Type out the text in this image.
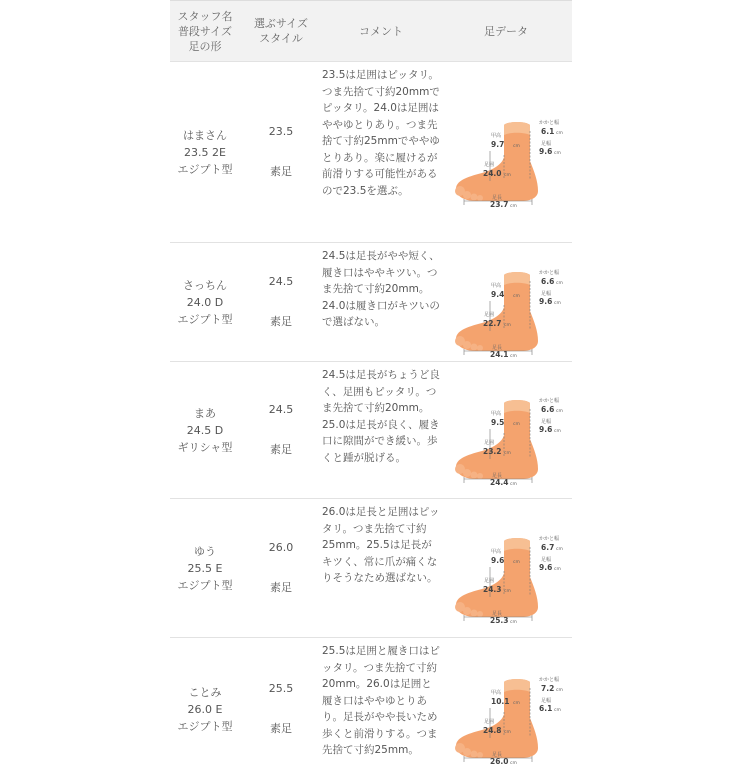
スタッフ名
普段サイズ
足の形
選ぶサイズ
スタイル
コメント	足データ
はまさん
23.5 2E
エジプト型
23.5
素足

23.5は足囲はピッタリ。つま先捨て寸約20mmでピッタリ。24.0は足囲はややゆとりあり。つま先捨て寸約25mmでややゆとりあり。楽に履けるが前滑りする可能性があるので23.5を選ぶ。

甲高
9.7 cm
足囲
24.0 cm
かかと幅
6.1 cm
足幅
9.6 cm
足長
23.7 cm
さっちん
24.0 D
エジプト型
24.5
素足

24.5は足長がやや短く、履き口はややキツい。つま先捨て寸約20mm。24.0は履き口がキツいので選ばない。

甲高
9.4 cm
足囲
22.7 cm
かかと幅
6.6 cm
足幅
9.6 cm
足長
24.1 cm
まあ
24.5 D
ギリシャ型
24.5
素足

24.5は足長がちょうど良く、足囲もピッタリ。つま先捨て寸約20mm。25.0は足長が良く、履き口に隙間ができ緩い。歩くと踵が脱げる。

甲高
9.5 cm
足囲
23.2 cm
かかと幅
6.6 cm
足幅
9.6 cm
足長
24.4 cm
ゆう
25.5 E
エジプト型
26.0
素足

26.0は足長と足囲はピッタリ。つま先捨て寸約25mm。25.5は足長がキツく、常に爪が痛くなりそうなため選ばない。

甲高
9.6 cm
足囲
24.3 cm
かかと幅
6.7 cm
足幅
9.6 cm
足長
25.3 cm
ことみ
26.0 E
エジプト型
25.5
素足

25.5は足囲と履き口はピッタリ。つま先捨て寸約20mm。26.0は足囲と履き口はややゆとりあり。足長がやや長いため歩くと前滑りする。つま先捨て寸約25mm。

甲高
10.1 cm
足囲
24.8 cm
かかと幅
7.2 cm
足幅
6.1 cm
足長
26.0 cm
